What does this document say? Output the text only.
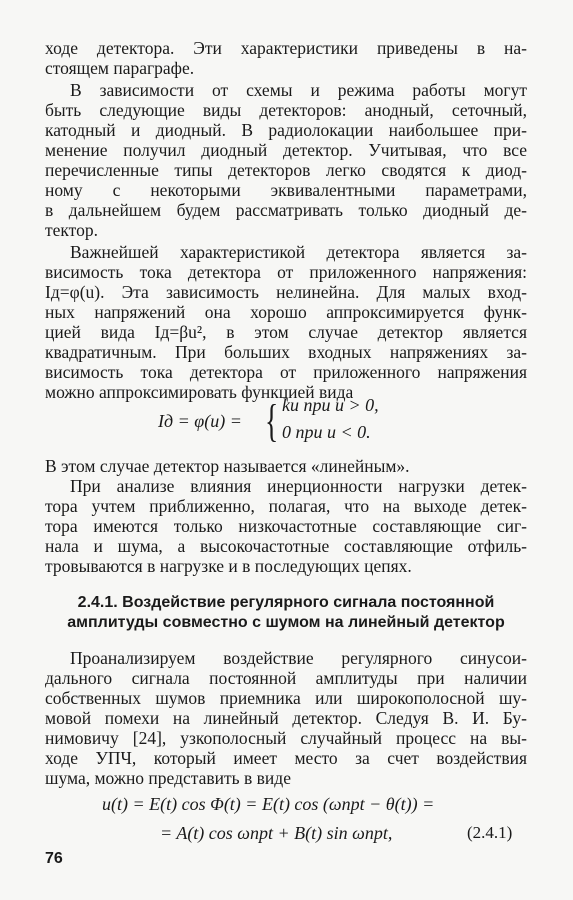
ходе детектора. Эти характеристики приведены в на-
стоящем параграфе.
В зависимости от схемы и режима работы могут
быть следующие виды детекторов: анодный, сеточный,
катодный и диодный. В радиолокации наибольшее при-
менение получил диодный детектор. Учитывая, что все
перечисленные типы детекторов легко сводятся к диод-
ному с некоторыми эквивалентными параметрами,
в дальнейшем будем рассматривать только диодный де-
тектор.
Важнейшей характеристикой детектора является за-
висимость тока детектора от приложенного напряжения:
Iд=φ(u). Эта зависимость нелинейна. Для малых вход-
ных напряжений она хорошо аппроксимируется функ-
цией вида Iд=βu², в этом случае детектор является
квадратичным. При больших входных напряжениях за-
висимость тока детектора от приложенного напряжения
можно аппроксимировать функцией вида
Iд = φ(u) = { ku при u > 0,
0 при u < 0.
В этом случае детектор называется «линейным».
При анализе влияния инерционности нагрузки детек-
тора учтем приближенно, полагая, что на выходе детек-
тора имеются только низкочастотные составляющие сиг-
нала и шума, а высокочастотные составляющие отфиль-
тровываются в нагрузке и в последующих цепях.
2.4.1. Воздействие регулярного сигнала постоянной
амплитуды совместно с шумом на линейный детектор
Проанализируем воздействие регулярного синусои-
дального сигнала постоянной амплитуды при наличии
собственных шумов приемника или широкополосной шу-
мовой помехи на линейный детектор. Следуя В. И. Бу-
нимовичу [24], узкополосный случайный процесс на вы-
ходе УПЧ, который имеет место за счет воздействия
шума, можно представить в виде
u(t) = E(t) cos Φ(t) = E(t) cos (ωпрt − θ(t)) =
= A(t) cos ωпрt + B(t) sin ωпрt,	(2.4.1)
76
